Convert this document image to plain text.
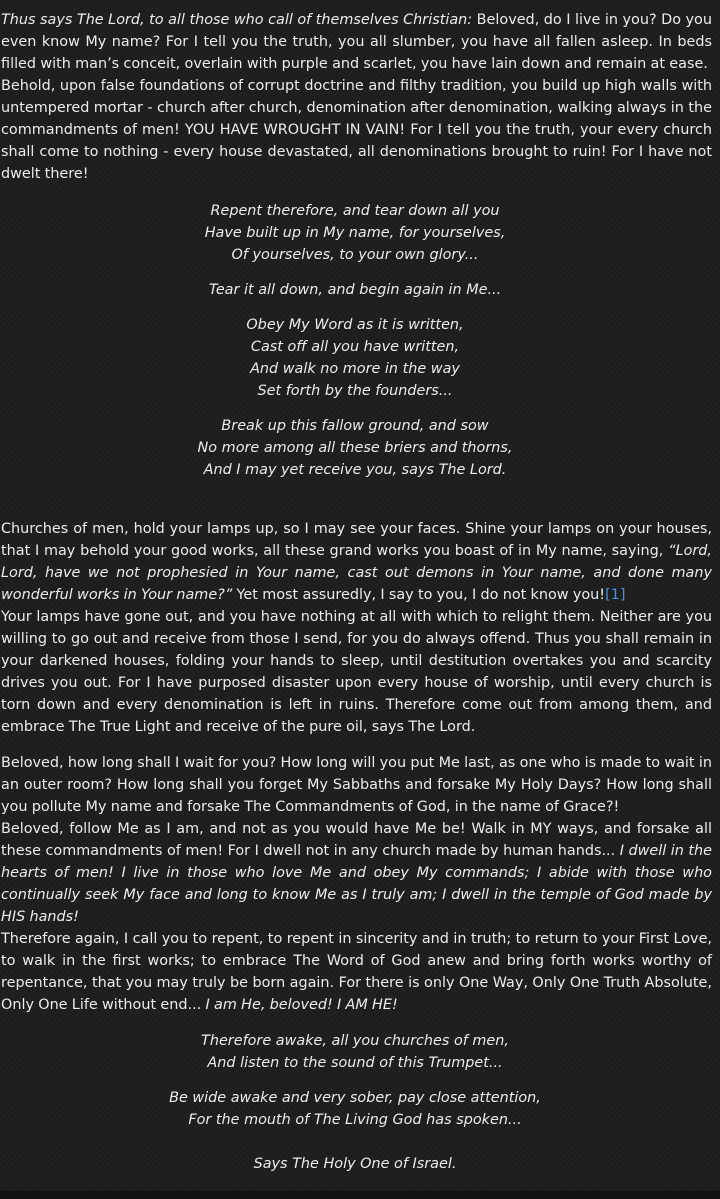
Thus says The Lord, to all those who call of themselves Christian: Beloved, do I live in you? Do you even know My name? For I tell you the truth, you all slumber, you have all fallen asleep. In beds filled with man’s conceit, overlain with purple and scarlet, you have lain down and remain at ease.

Behold, upon false foundations of corrupt doctrine and filthy tradition, you build up high walls with untempered mortar - church after church, denomination after denomination, walking always in the commandments of men! YOU HAVE WROUGHT IN VAIN! For I tell you the truth, your every church shall come to nothing - every house devastated, all denominations brought to ruin! For I have not dwelt there!

Repent therefore, and tear down all you
Have built up in My name, for yourselves,
Of yourselves, to your own glory...

Tear it all down, and begin again in Me...

Obey My Word as it is written,
Cast off all you have written,
And walk no more in the way
Set forth by the founders...

Break up this fallow ground, and sow
No more among all these briers and thorns,
And I may yet receive you, says The Lord.

Churches of men, hold your lamps up, so I may see your faces. Shine your lamps on your houses, that I may behold your good works, all these grand works you boast of in My name, saying, “Lord, Lord, have we not prophesied in Your name, cast out demons in Your name, and done many wonderful works in Your name?” Yet most assuredly, I say to you, I do not know you![1]

Your lamps have gone out, and you have nothing at all with which to relight them. Neither are you willing to go out and receive from those I send, for you do always offend. Thus you shall remain in your darkened houses, folding your hands to sleep, until destitution overtakes you and scarcity drives you out. For I have purposed disaster upon every house of worship, until every church is torn down and every denomination is left in ruins. Therefore come out from among them, and embrace The True Light and receive of the pure oil, says The Lord.

Beloved, how long shall I wait for you? How long will you put Me last, as one who is made to wait in an outer room? How long shall you forget My Sabbaths and forsake My Holy Days? How long shall you pollute My name and forsake The Commandments of God, in the name of Grace?!

Beloved, follow Me as I am, and not as you would have Me be! Walk in MY ways, and forsake all these commandments of men! For I dwell not in any church made by human hands... I dwell in the hearts of men! I live in those who love Me and obey My commands; I abide with those who continually seek My face and long to know Me as I truly am; I dwell in the temple of God made by HIS hands!

Therefore again, I call you to repent, to repent in sincerity and in truth; to return to your First Love, to walk in the first works; to embrace The Word of God anew and bring forth works worthy of repentance, that you may truly be born again. For there is only One Way, Only One Truth Absolute, Only One Life without end... I am He, beloved! I AM HE!

Therefore awake, all you churches of men,
And listen to the sound of this Trumpet...

Be wide awake and very sober, pay close attention,
For the mouth of The Living God has spoken...

Says The Holy One of Israel.
